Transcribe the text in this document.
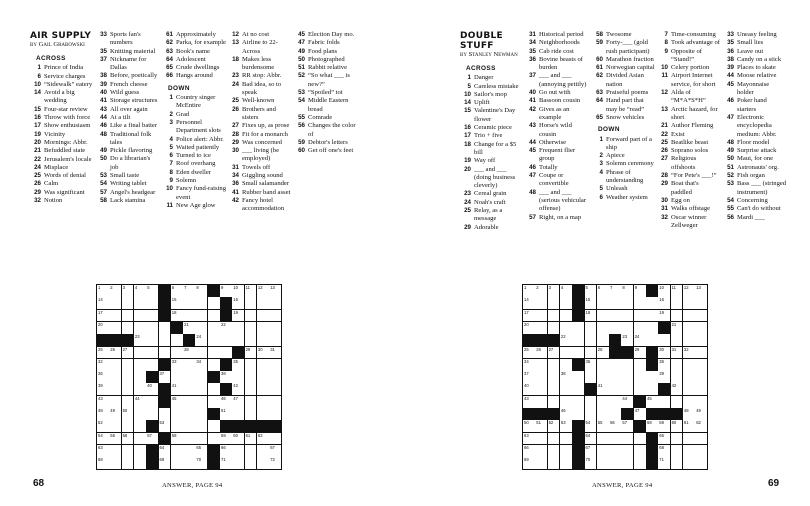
AIR SUPPLY
by Gail Grabowski
ACROSS
1 Prince of India
6 Service charges
10 “Sidewalk” eatery
14 Avoid a big wedding
15 Four-star review
16 Throw with force
17 Show enthusiasm
19 Vicinity
20 Mornings: Abbr.
21 Befuddled state
22 Jerusalem's locale
24 Misplace
25 Words of denial
26 Calm
29 Was significant
32 Notion
33 Sports fan's numbers
35 Knitting material
37 Nickname for Dallas
38 Before, poetically
39 French cheese
40 Wild guess
41 Storage structures
43 All over again
44 At a tilt
46 Like a final batter
48 Traditional folk tales
49 Pickle flavoring
50 Do a librarian's job
53 Small taste
54 Writing tablet
57 Angel's headgear
58 Lack stamina
61 Approximately
62 Parka, for example
63 Book's name
64 Adolescent
65 Crude dwellings
66 Hangs around
DOWN
1 Country singer McEntire
2 Grad
3 Personnel Department slots
4 Police alert: Abbr.
5 Waited patiently
6 Turned to ice
7 Roof overhang
8 Eden dweller
9 Solemn
10 Fancy fund-raising event
11 New Age glow
12 At no cost
13 Airline to 22-Across
18 Makes less burdensome
23 RR stop: Abbr.
24 Bad idea, so to speak
25 Well-known
26 Brothers and sisters
27 Fixes up, as prose
28 Fit for a monarch
29 Was concerned
30 ___ living (be employed)
31 Towels off
34 Giggling sound
36 Small salamander
41 Rubber band asset
42 Fancy hotel accommodation
45 Election Day mo.
47 Fabric folds
49 Food plans
50 Photographed
51 Rabbit relative
52 “So what ___ is new?”
53 “Spoiled” tot
54 Middle Eastern bread
55 Comrade
56 Changes the color of
59 Debtor's letters
60 Get off one's feet
1 2 3 4 5	6 7 8	9 10 11 12 13
14	15	16
17	18	19
20	21	22
23	24
25 26 27	28	29 30 31
32	33	34	35
36	37	38
39	40	41	42
43	44	45	46 47
48 49 50	51
52	53
54 55 56	57	58	59 60 61 62
63	64	65	66	67
68	69	70	71	72
ANSWER, PAGE 94
68
DOUBLE STUFF
by Stanley Newman
ACROSS
1 Danger
5 Careless mistake
10 Sailor's mop
14 Uplift
15 Valentine's Day flower
16 Ceramic piece
17 Trio + five
18 Change for a $5 bill
19 Way off
20 ___ and ___ (doing business cleverly)
23 Cereal grain
24 Noah's craft
25 Relay, as a message
29 Adorable
31 Historical period
34 Neighborhoods
35 Cab ride cost
36 Bovine beasts of burden
37 ___ and ___ (annoying pettily)
40 Go out with
41 Bassoon cousin
42 Gives as an example
43 Horse's wild cousin
44 Otherwise
45 Frequent flier group
46 Totally
47 Coupe or convertible
48 ___ and ___ (serious vehicular offense)
57 Right, on a map
58 Twosome
59 Forty-___ (gold rush participant)
60 Marathon fraction
61 Norwegian capital
62 Divided Asian nation
63 Praiseful poems
64 Hand part that may be “read”
65 Snow vehicles
DOWN
1 Forward part of a ship
2 Apiece
3 Solemn ceremony
4 Phrase of understanding
5 Unleash
6 Weather system
7 Time-consuming
8 Took advantage of
9 Opposite of “Stand!”
10 Celery portion
11 Airport Internet service, for short
12 Alda of “M*A*S*H”
13 Arctic hazard, for short
21 Author Fleming
22 Exist
25 Beatlike beast
26 Soprano solos
27 Religious offshoots
28 “For Pete's ___!”
29 Boat that's paddled
30 Egg on
31 Walks offstage
32 Oscar winner Zellweger
33 Uneasy feeling
35 Small lies
36 Leave out
38 Candy on a stick
39 Places to skate
44 Moose relative
45 Mayonnaise holder
46 Poker hand starters
47 Electronic encyclopedia medium: Abbr.
48 Floor model
49 Surprise attack
50 Maui, for one
51 Astronauts' org.
52 Fish organ
53 Bass ___ (stringed instrument)
54 Concerning
55 Can't do without
56 Mardi ___
1 2 3 4	5 6 7 8 9	10 11 12 13
14	15	16
17	18	19
20	21
22	23 24
25 26 27	28	29	30 31 32
34	35	36
37	38	39
40	41	42
43	44	45
46	47	48 49
50 51 52 53	54 55 56 57	58 59 60 61 62
63	64	65
66	67	68
69	70	71
ANSWER, PAGE 94	69
